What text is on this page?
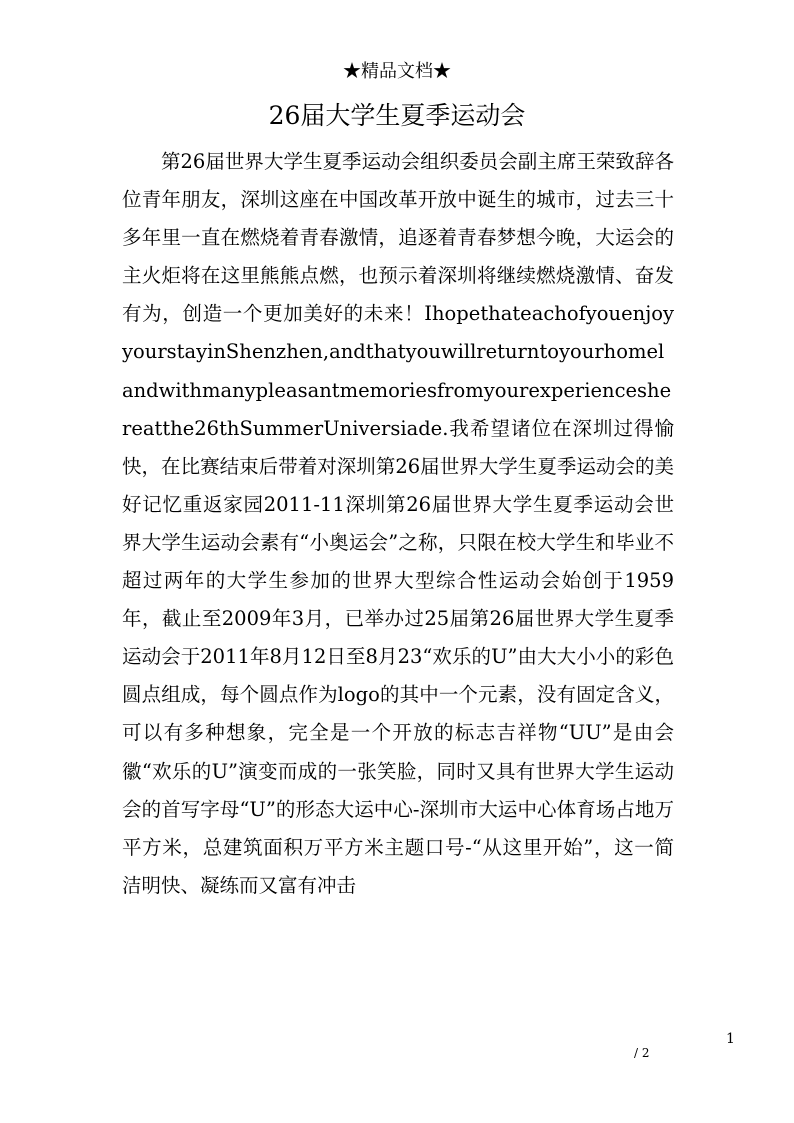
★精品文档★
26届大学生夏季运动会

第26届世界大学生夏季运动会组织委员会副主席王荣致辞各位青年朋友，深圳这座在中国改革开放中诞生的城市，过去三十多年里一直在燃烧着青春激情，追逐着青春梦想今晚，大运会的主火炬将在这里熊熊点燃，也预示着深圳将继续燃烧激情、奋发有为，创造一个更加美好的未来！IhopethateachofyouenjoyyourstayinShenzhen,andthatyouwillreturntoyourhomelandwithmanypleasantmemoriesfromyourexperienceshereatthe26thSummerUniversiade.我希望诸位在深圳过得愉快，在比赛结束后带着对深圳第26届世界大学生夏季运动会的美好记忆重返家园2011-11深圳第26届世界大学生夏季运动会世界大学生运动会素有“小奥运会”之称，只限在校大学生和毕业不超过两年的大学生参加的世界大型综合性运动会始创于1959年，截止至2009年3月，已举办过25届第26届世界大学生夏季运动会于2011年8月12日至8月23“欢乐的U”由大大小小的彩色圆点组成，每个圆点作为logo的其中一个元素，没有固定含义，可以有多种想象，完全是一个开放的标志吉祥物“UU”是由会徽“欢乐的U”演变而成的一张笑脸，同时又具有世界大学生运动会的首写字母“U”的形态大运中心-深圳市大运中心体育场占地万平方米，总建筑面积万平方米主题口号-“从这里开始”，这一简洁明快、凝练而又富有冲击

1
/ 2
